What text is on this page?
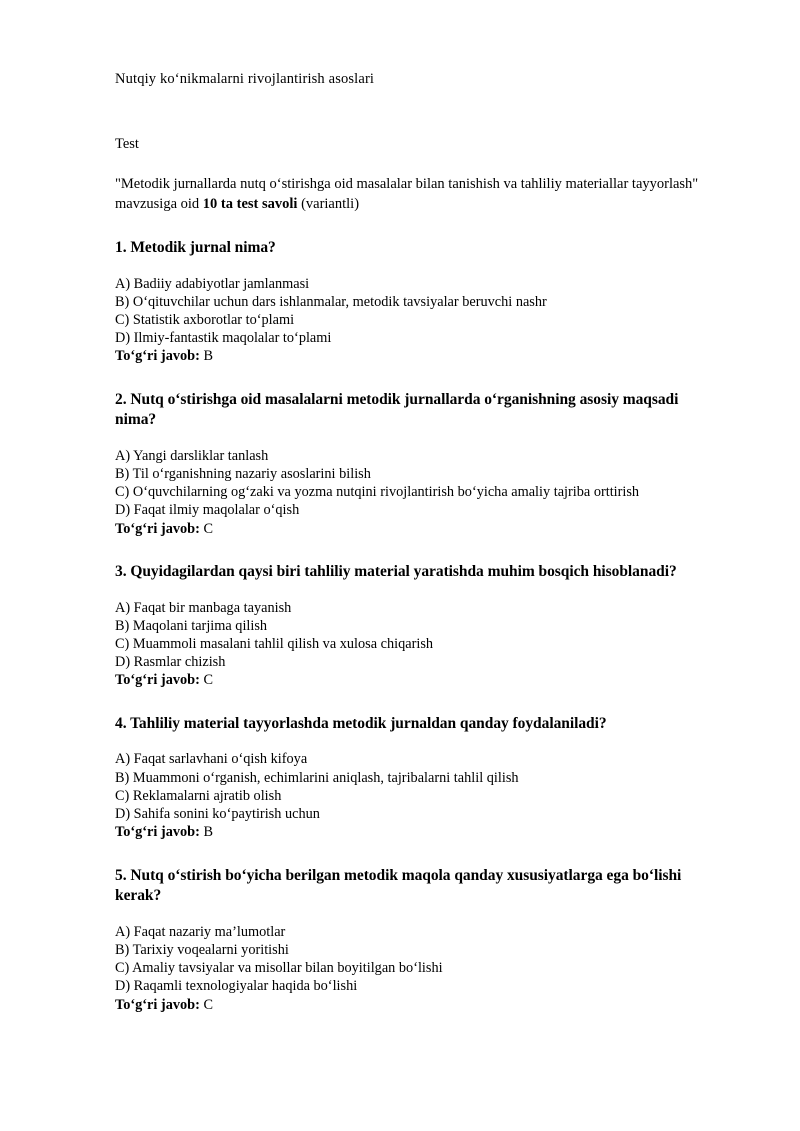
Nutqiy koʻnikmalarni rivojlantirish asoslari

Test

"Metodik jurnallarda nutq oʻstirishga oid masalalar bilan tanishish va tahliliy materiallar tayyorlash" mavzusiga oid 10 ta test savoli (variantli)

1. Metodik jurnal nima?

A) Badiiy adabiyotlar jamlanmasi

B) Oʻqituvchilar uchun dars ishlanmalar, metodik tavsiyalar beruvchi nashr

C) Statistik axborotlar toʻplami

D) Ilmiy-fantastik maqolalar toʻplami

Toʻgʻri javob: B

2. Nutq oʻstirishga oid masalalarni metodik jurnallarda oʻrganishning asosiy maqsadi nima?

A) Yangi darsliklar tanlash

B) Til oʻrganishning nazariy asoslarini bilish

C) Oʻquvchilarning ogʻzaki va yozma nutqini rivojlantirish boʻyicha amaliy tajriba orttirish

D) Faqat ilmiy maqolalar oʻqish

Toʻgʻri javob: C

3. Quyidagilardan qaysi biri tahliliy material yaratishda muhim bosqich hisoblanadi?

A) Faqat bir manbaga tayanish

B) Maqolani tarjima qilish

C) Muammoli masalani tahlil qilish va xulosa chiqarish

D) Rasmlar chizish

Toʻgʻri javob: C

4. Tahliliy material tayyorlashda metodik jurnaldan qanday foydalaniladi?

A) Faqat sarlavhani oʻqish kifoya

B) Muammoni oʻrganish, echimlarini aniqlash, tajribalarni tahlil qilish

C) Reklamalarni ajratib olish

D) Sahifa sonini koʻpaytirish uchun

Toʻgʻri javob: B

5. Nutq oʻstirish boʻyicha berilgan metodik maqola qanday xususiyatlarga ega boʻlishi kerak?

A) Faqat nazariy ma’lumotlar

B) Tarixiy voqealarni yoritishi

C) Amaliy tavsiyalar va misollar bilan boyitilgan boʻlishi

D) Raqamli texnologiyalar haqida boʻlishi

Toʻgʻri javob: C
